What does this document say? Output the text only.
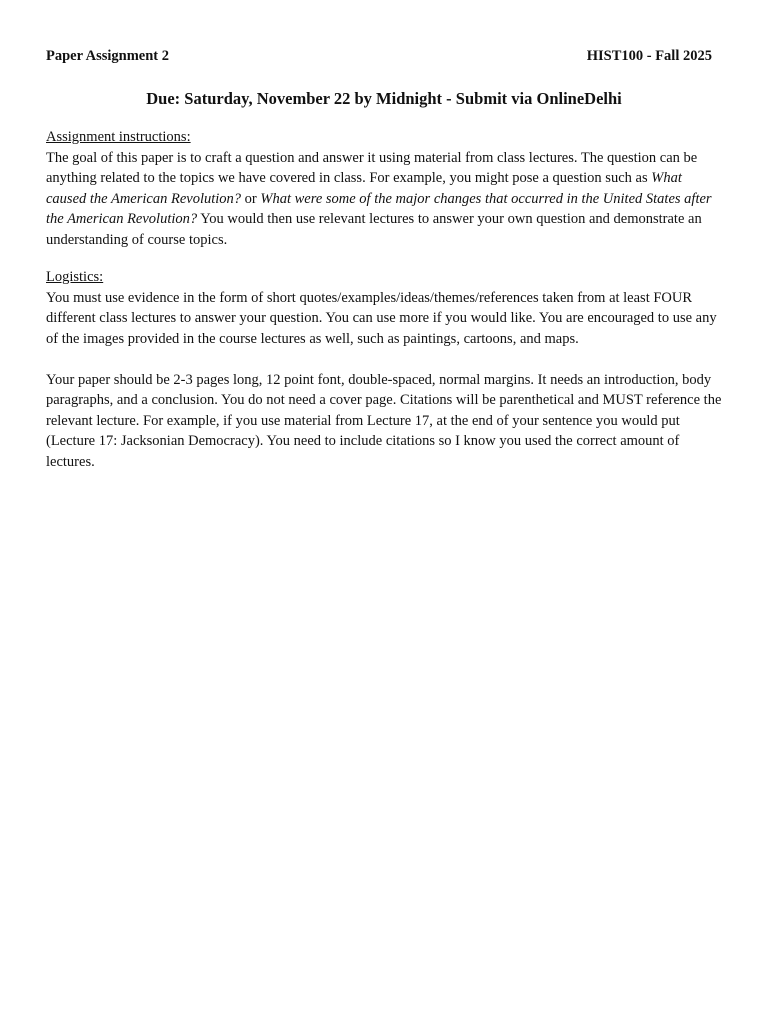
Paper Assignment 2	HIST100 - Fall 2025
Due: Saturday, November 22 by Midnight - Submit via OnlineDelhi
Assignment instructions:

The goal of this paper is to craft a question and answer it using material from class lectures. The question can be anything related to the topics we have covered in class. For example, you might pose a question such as What caused the American Revolution? or What were some of the major changes that occurred in the United States after the American Revolution? You would then use relevant lectures to answer your own question and demonstrate an understanding of course topics.

Logistics:

You must use evidence in the form of short quotes/examples/ideas/themes/references taken from at least FOUR different class lectures to answer your question. You can use more if you would like. You are encouraged to use any of the images provided in the course lectures as well, such as paintings, cartoons, and maps.

Your paper should be 2-3 pages long, 12 point font, double-spaced, normal margins. It needs an introduction, body paragraphs, and a conclusion. You do not need a cover page. Citations will be parenthetical and MUST reference the relevant lecture. For example, if you use material from Lecture 17, at the end of your sentence you would put (Lecture 17: Jacksonian Democracy). You need to include citations so I know you used the correct amount of lectures.
